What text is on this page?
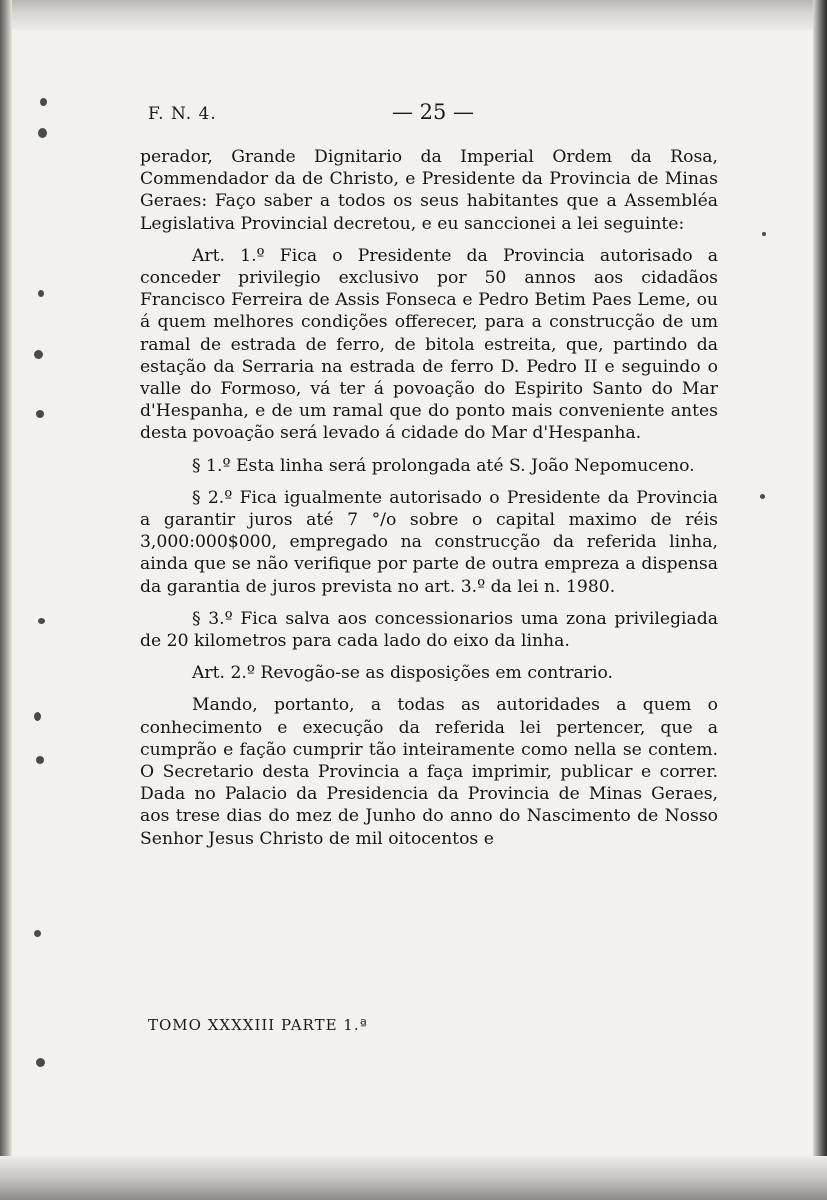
F. N. 4.	— 25 —

perador, Grande Dignitario da Imperial Ordem da Rosa, Commendador da de Christo, e Presidente da Provincia de Minas Geraes: Faço saber a todos os seus habitantes que a Assembléa Legislativa Provincial decretou, e eu sanccionei a lei seguinte:

Art. 1.º Fica o Presidente da Provincia autorisado a conceder privilegio exclusivo por 50 annos aos cidadãos Francisco Ferreira de Assis Fonseca e Pedro Betim Paes Leme, ou á quem melhores condições offerecer, para a construcção de um ramal de estrada de ferro, de bitola estreita, que, partindo da estação da Serraria na estrada de ferro D. Pedro II e seguindo o valle do Formoso, vá ter á povoação do Espirito Santo do Mar d'Hespanha, e de um ramal que do ponto mais conveniente antes desta povoação será levado á cidade do Mar d'Hespanha.

§ 1.º Esta linha será prolongada até S. João Nepomuceno.

§ 2.º Fica igualmente autorisado o Presidente da Provincia a garantir juros até 7 °/o sobre o capital maximo de réis 3,000:000$000, empregado na construcção da referida linha, ainda que se não verifique por parte de outra empreza a dispensa da garantia de juros prevista no art. 3.º da lei n. 1980.

§ 3.º Fica salva aos concessionarios uma zona privilegiada de 20 kilometros para cada lado do eixo da linha.

Art. 2.º Revogão-se as disposições em contrario.

Mando, portanto, a todas as autoridades a quem o conhecimento e execução da referida lei pertencer, que a cumprão e fação cumprir tão inteiramente como nella se contem. O Secretario desta Provincia a faça imprimir, publicar e correr. Dada no Palacio da Presidencia da Provincia de Minas Geraes, aos trese dias do mez de Junho do anno do Nascimento de Nosso Senhor Jesus Christo de mil oitocentos e

TOMO XXXXIII PARTE 1.ª
